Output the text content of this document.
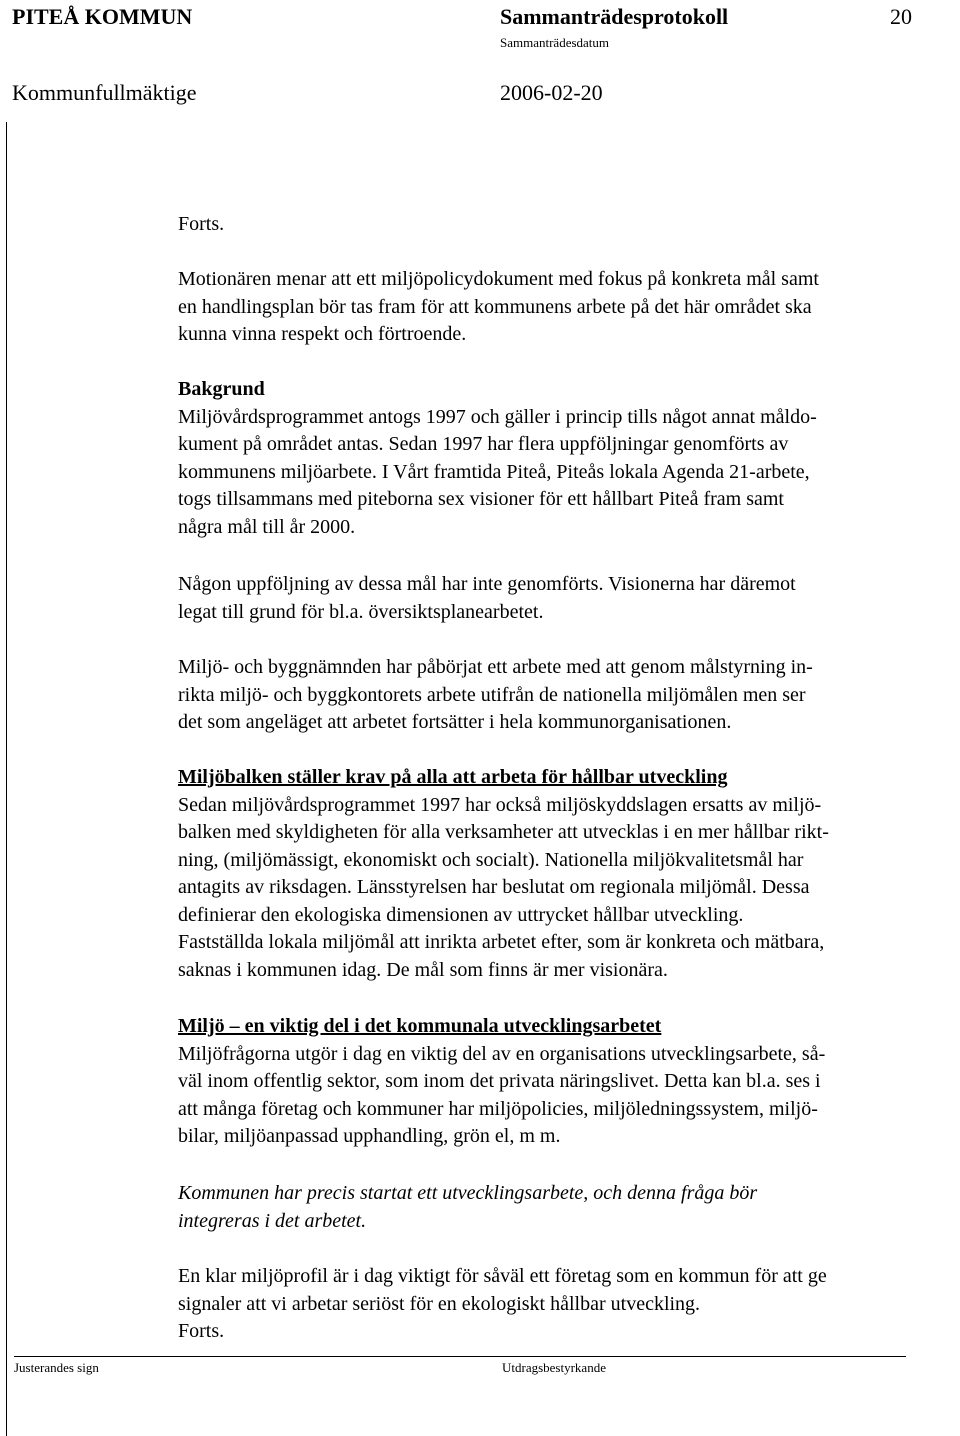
PITEÅ KOMMUN	Sammanträdesprotokoll	20
Sammanträdesdatum
Kommunfullmäktige	2006-02-20

Forts.

Motionären menar att ett miljöpolicydokument med fokus på konkreta mål samt

en handlingsplan bör tas fram för att kommunens arbete på det här området ska

kunna vinna respekt och förtroende.

Bakgrund

Miljövårdsprogrammet antogs 1997 och gäller i princip tills något annat måldo-

kument på området antas. Sedan 1997 har flera uppföljningar genomförts av

kommunens miljöarbete. I Vårt framtida Piteå, Piteås lokala Agenda 21-arbete,

togs tillsammans med piteborna sex visioner för ett hållbart Piteå fram samt

några mål till år 2000.

Någon uppföljning av dessa mål har inte genomförts. Visionerna har däremot

legat till grund för bl.a. översiktsplanearbetet.

Miljö- och byggnämnden har påbörjat ett arbete med att genom målstyrning in-

rikta miljö- och byggkontorets arbete utifrån de nationella miljömålen men ser

det som angeläget att arbetet fortsätter i hela kommunorganisationen.

Miljöbalken ställer krav på alla att arbeta för hållbar utveckling

Sedan miljövårdsprogrammet 1997 har också miljöskyddslagen ersatts av miljö-

balken med skyldigheten för alla verksamheter att utvecklas i en mer hållbar rikt-

ning, (miljömässigt, ekonomiskt och socialt). Nationella miljökvalitetsmål har

antagits av riksdagen. Länsstyrelsen har beslutat om regionala miljömål. Dessa

definierar den ekologiska dimensionen av uttrycket hållbar utveckling.

Fastställda lokala miljömål att inrikta arbetet efter, som är konkreta och mätbara,

saknas i kommunen idag. De mål som finns är mer visionära.

Miljö – en viktig del i det kommunala utvecklingsarbetet

Miljöfrågorna utgör i dag en viktig del av en organisations utvecklingsarbete, så-

väl inom offentlig sektor, som inom det privata näringslivet. Detta kan bl.a. ses i

att många företag och kommuner har miljöpolicies, miljöledningssystem, miljö-

bilar, miljöanpassad upphandling, grön el, m m.

Kommunen har precis startat ett utvecklingsarbete, och denna fråga bör

integreras i det arbetet.

En klar miljöprofil är i dag viktigt för såväl ett företag som en kommun för att ge

signaler att vi arbetar seriöst för en ekologiskt hållbar utveckling.

Forts.

Justerandes sign	Utdragsbestyrkande
